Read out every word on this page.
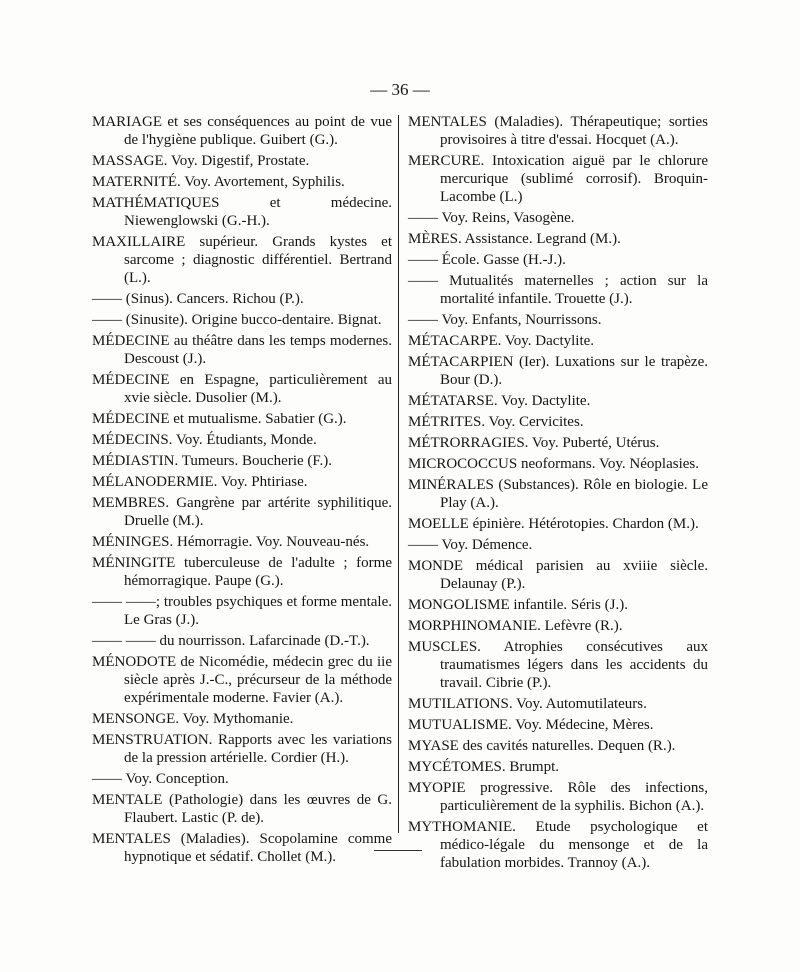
— 36 —

MARIAGE et ses conséquences au point de vue de l'hygiène publique. Guibert (G.).

MASSAGE. Voy. Digestif, Prostate.

MATERNITÉ. Voy. Avortement, Syphilis.

MATHÉMATIQUES et médecine. Niewenglowski (G.-H.).

MAXILLAIRE supérieur. Grands kystes et sarcome ; diagnostic différentiel. Bertrand (L.).

—— (Sinus). Cancers. Richou (P.).

—— (Sinusite). Origine bucco-dentaire. Bignat.

MÉDECINE au théâtre dans les temps modernes. Descoust (J.).

MÉDECINE en Espagne, particulièrement au xvie siècle. Dusolier (M.).

MÉDECINE et mutualisme. Sabatier (G.).

MÉDECINS. Voy. Étudiants, Monde.

MÉDIASTIN. Tumeurs. Boucherie (F.).

MÉLANODERMIE. Voy. Phtiriase.

MEMBRES. Gangrène par artérite syphilitique. Druelle (M.).

MÉNINGES. Hémorragie. Voy. Nouveau-nés.

MÉNINGITE tuberculeuse de l'adulte ; forme hémorragique. Paupe (G.).

—— ——; troubles psychiques et forme mentale. Le Gras (J.).

—— —— du nourrisson. Lafarcinade (D.-T.).

MÉNODOTE de Nicomédie, médecin grec du iie siècle après J.-C., précurseur de la méthode expérimentale moderne. Favier (A.).

MENSONGE. Voy. Mythomanie.

MENSTRUATION. Rapports avec les variations de la pression artérielle. Cordier (H.).

—— Voy. Conception.

MENTALE (Pathologie) dans les œuvres de G. Flaubert. Lastic (P. de).

MENTALES (Maladies). Scopolamine comme hypnotique et sédatif. Chollet (M.).

MENTALES (Maladies). Thérapeutique; sorties provisoires à titre d'essai. Hocquet (A.).

MERCURE. Intoxication aiguë par le chlorure mercurique (sublimé corrosif). Broquin-Lacombe (L.)

—— Voy. Reins, Vasogène.

MÈRES. Assistance. Legrand (M.).

—— École. Gasse (H.-J.).

—— Mutualités maternelles ; action sur la mortalité infantile. Trouette (J.).

—— Voy. Enfants, Nourrissons.

MÉTACARPE. Voy. Dactylite.

MÉTACARPIEN (Ier). Luxations sur le trapèze. Bour (D.).

MÉTATARSE. Voy. Dactylite.

MÉTRITES. Voy. Cervicites.

MÉTRORRAGIES. Voy. Puberté, Utérus.

MICROCOCCUS neoformans. Voy. Néoplasies.

MINÉRALES (Substances). Rôle en biologie. Le Play (A.).

MOELLE épinière. Hétérotopies. Chardon (M.).

—— Voy. Démence.

MONDE médical parisien au xviiie siècle. Delaunay (P.).

MONGOLISME infantile. Séris (J.).

MORPHINOMANIE. Lefèvre (R.).

MUSCLES. Atrophies consécutives aux traumatismes légers dans les accidents du travail. Cibrie (P.).

MUTILATIONS. Voy. Automutilateurs.

MUTUALISME. Voy. Médecine, Mères.

MYASE des cavités naturelles. Dequen (R.).

MYCÉTOMES. Brumpt.

MYOPIE progressive. Rôle des infections, particulièrement de la syphilis. Bichon (A.).

MYTHOMANIE. Etude psychologique et médico-légale du mensonge et de la fabulation morbides. Trannoy (A.).
